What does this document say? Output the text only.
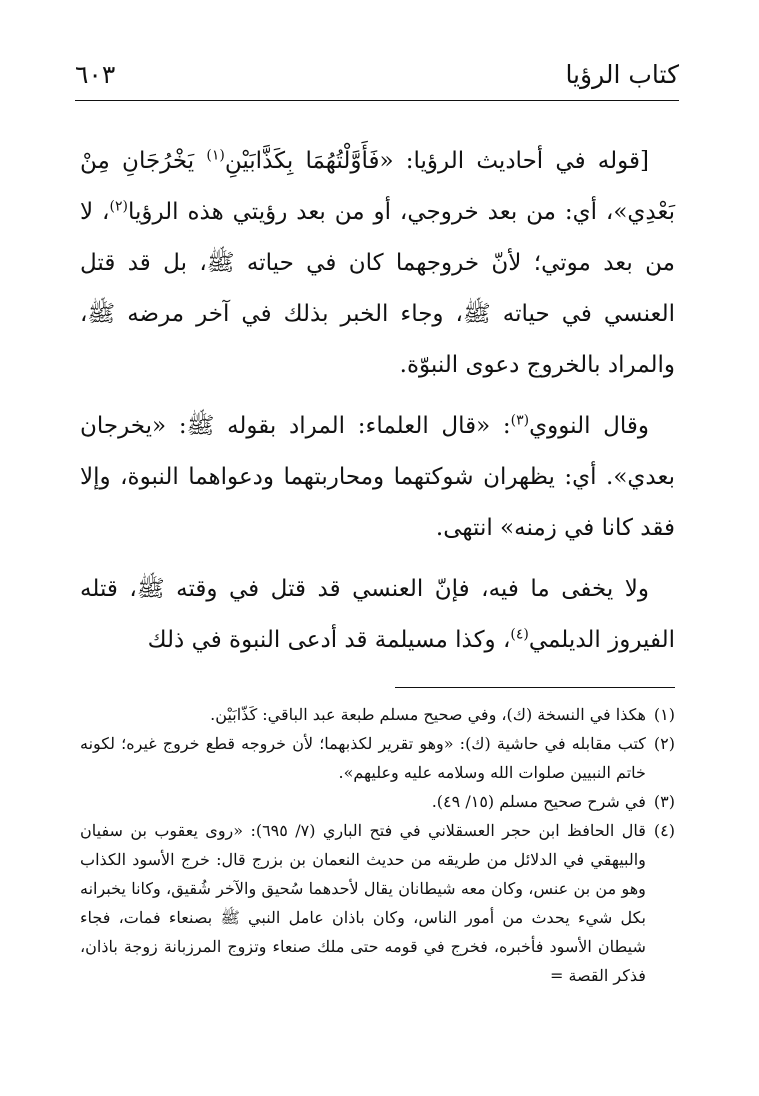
كتاب الرؤيا
٦٠٣

[قوله في أحاديث الرؤيا: «فَأَوَّلْتُهُمَا بِكَذَّابَيْنِ$^{(١)}$ يَخْرُجَانِ مِنْ بَعْدِي»، أي: من بعد خروجي، أو من بعد رؤيتي هذه الرؤيا$^{(٢)}$، لا من بعد موتي؛ لأنّ خروجهما كان في حياته ﷺ، بل قد قتل العنسي في حياته ﷺ، وجاء الخبر بذلك في آخر مرضه ﷺ، والمراد بالخروج دعوى النبوّة.

وقال النووي$^{(٣)}$: «قال العلماء: المراد بقوله ﷺ: «يخرجان بعدي». أي: يظهران شوكتهما ومحاربتهما ودعواهما النبوة، وإلا فقد كانا في زمنه» انتهى.

ولا يخفى ما فيه، فإنّ العنسي قد قتل في وقته ﷺ، قتله الفيروز الديلمي$^{(٤)}$، وكذا مسيلمة قد أدعى النبوة في ذلك

(١)
هكذا في النسخة (ك)، وفي صحيح مسلم طبعة عبد الباقي: كَذّابَيْن.
(٢)
كتب مقابله في حاشية (ك): «وهو تقرير لكذبهما؛ لأن خروجه قطع خروج غيره؛ لكونه خاتم النبيين صلوات الله وسلامه عليه وعليهم».
(٣)
في شرح صحيح مسلم (١٥/ ٤٩).
(٤)
قال الحافظ ابن حجر العسقلاني في فتح الباري (٧/ ٦٩٥): «روى يعقوب بن سفيان والبيهقي في الدلائل من طريقه من حديث النعمان بن بزرج قال: خرج الأسود الكذاب وهو من بن عنس، وكان معه شيطانان يقال لأحدهما سُحيق والآخر شُقيق، وكانا يخبرانه بكل شيء يحدث من أمور الناس، وكان باذان عامل النبي ﷺ بصنعاء فمات، فجاء شيطان الأسود فأخبره، فخرج في قومه حتى ملك صنعاء وتزوج المرزبانة زوجة باذان، فذكر القصة =
